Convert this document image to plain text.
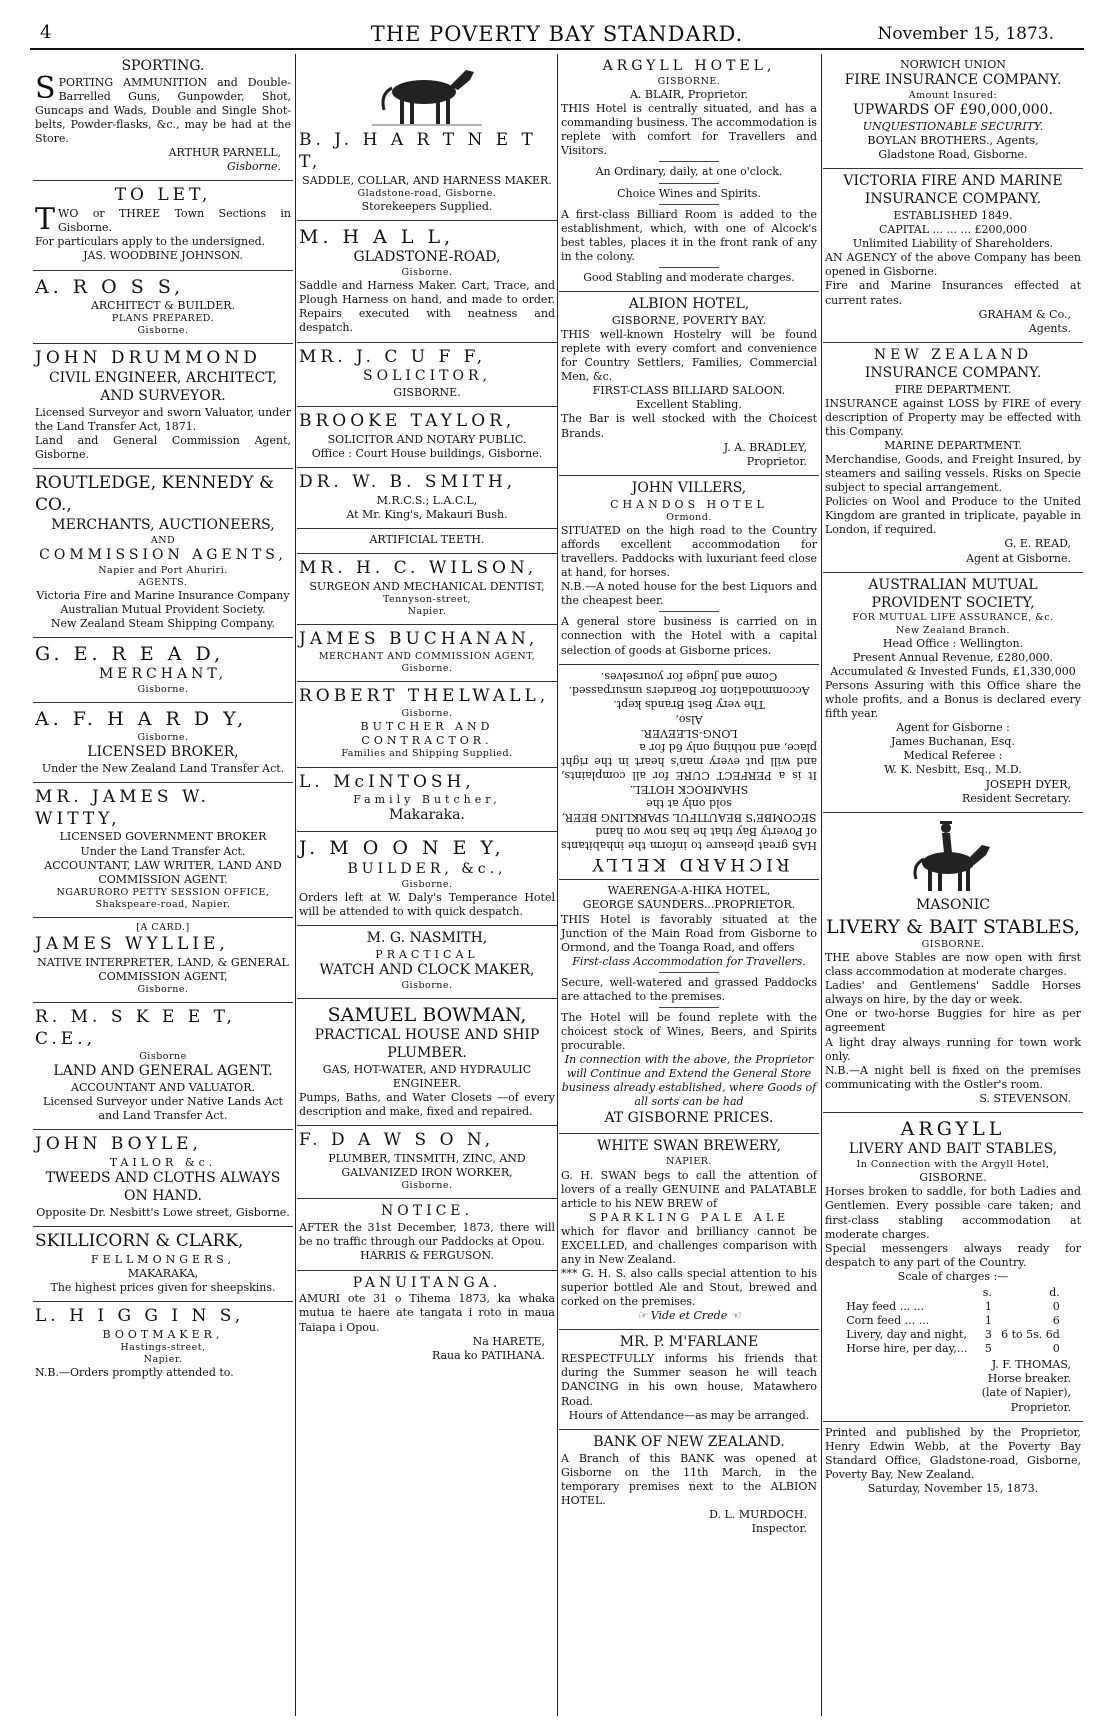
4	THE POVERTY BAY STANDARD.	November 15, 1873.
SPORTING.
SPORTING AMMUNITION and Double-Barrelled Guns, Gunpowder, Shot, Guncaps and Wads, Double and Single Shot-belts, Powder-flasks, &c., may be had at the Store.
ARTHUR PARNELL,
Gisborne.
TO LET,
TWO or THREE Town Sections in Gisborne.
For particulars apply to the undersigned.
JAS. WOODBINE JOHNSON.
A. R O S S,
ARCHITECT & BUILDER.
PLANS PREPARED.
Gisborne.
JOHN DRUMMOND
CIVIL ENGINEER, ARCHITECT, AND SURVEYOR.
Licensed Surveyor and sworn Valuator, under the Land Transfer Act, 1871.
Land and General Commission Agent, Gisborne.
ROUTLEDGE, KENNEDY & CO.,
MERCHANTS, AUCTIONEERS,
AND
COMMISSION AGENTS,
Napier and Port Ahuriri.
AGENTS.
Victoria Fire and Marine Insurance Company
Australian Mutual Provident Society.
New Zealand Steam Shipping Company.
G. E. R E A D,
MERCHANT,
Gisborne.
A. F. H A R D Y,
Gisborne.
LICENSED BROKER,
Under the New Zealand Land Transfer Act.
MR. JAMES W. WITTY,
LICENSED GOVERNMENT BROKER
Under the Land Transfer Act.
ACCOUNTANT, LAW WRITER, LAND AND COMMISSION AGENT.
NGARURORO PETTY SESSION OFFICE,
Shakspeare-road, Napier.
[A CARD.]
JAMES WYLLIE,
NATIVE INTERPRETER, LAND, & GENERAL COMMISSION AGENT,
Gisborne.
R. M. S K E E T, C.E.,
Gisborne
LAND AND GENERAL AGENT.
ACCOUNTANT AND VALUATOR.
Licensed Surveyor under Native Lands Act and Land Transfer Act.
JOHN BOYLE,
TAILOR &c.
TWEEDS AND CLOTHS ALWAYS ON HAND.
Opposite Dr. Nesbitt's Lowe street, Gisborne.
SKILLICORN & CLARK,
FELLMONGERS,
MAKARAKA,
The highest prices given for sheepskins.
L. H I G G I N S,
BOOTMAKER,
Hastings-street,
Napier.
N.B.—Orders promptly attended to.
B. J. H A R T N E T T,
SADDLE, COLLAR, AND HARNESS MAKER.
Gladstone-road, Gisborne.
Storekeepers Supplied.
M. H A L L,
GLADSTONE-ROAD,
Gisborne.
Saddle and Harness Maker. Cart, Trace, and Plough Harness on hand, and made to order. Repairs executed with neatness and despatch.
MR. J. C U F F,
SOLICITOR,
GISBORNE.
BROOKE TAYLOR,
SOLICITOR AND NOTARY PUBLIC.
Office : Court House buildings, Gisborne.
DR. W. B. SMITH,
M.R.C.S.; L.A.C.L,
At Mr. King's, Makauri Bush.
ARTIFICIAL TEETH.
MR. H. C. WILSON,
SURGEON AND MECHANICAL DENTIST,
Tennyson-street,
Napier.
JAMES BUCHANAN,
MERCHANT AND COMMISSION AGENT,
Gisborne.
ROBERT THELWALL,
Gisborne.
BUTCHER AND CONTRACTOR.
Families and Shipping Supplied.
L. McINTOSH,
Family Butcher,
Makaraka.
J. M O O N E Y,
BUILDER, &c.,
Gisborne.
Orders left at W. Daly's Temperance Hotel will be attended to with quick despatch.
M. G. NASMITH,
PRACTICAL
WATCH AND CLOCK MAKER,
Gisborne.
SAMUEL BOWMAN,
PRACTICAL HOUSE AND SHIP PLUMBER.
GAS, HOT-WATER, AND HYDRAULIC ENGINEER.
Pumps, Baths, and Water Closets —of every description and make, fixed and repaired.
F. D A W S O N,
PLUMBER, TINSMITH, ZINC, AND GALVANIZED IRON WORKER,
Gisborne.
NOTICE.
AFTER the 31st December, 1873, there will be no traffic through our Paddocks at Opou.
HARRIS & FERGUSON.
PANUITANGA.
AMURI ote 31 o Tihema 1873, ka whaka mutua te haere ate tangata i roto in maua Taiapa i Opou.
Na HARETE,
Raua ko PATIHANA.
ARGYLL HOTEL,
GISBORNE.
A. BLAIR, Proprietor.
THIS Hotel is centrally situated, and has a commanding business. The accommodation is replete with comfort for Travellers and Visitors.
An Ordinary, daily, at one o'clock.
Choice Wines and Spirits.
A first-class Billiard Room is added to the establishment, which, with one of Alcock's best tables, places it in the front rank of any in the colony.
Good Stabling and moderate charges.
ALBION HOTEL,
GISBORNE, POVERTY BAY.
THIS well-known Hostelry will be found replete with every comfort and convenience for Country Settlers, Families, Commercial Men, &c.
FIRST-CLASS BILLIARD SALOON.
Excellent Stabling.
The Bar is well stocked with the Choicest Brands.
J. A. BRADLEY,
Proprietor.
JOHN VILLERS,
CHANDOS HOTEL
Ormond.
SITUATED on the high road to the Country affords excellent accommodation for travellers. Paddocks with luxuriant feed close at hand, for horses.
N.B.—A noted house for the best Liquors and the cheapest beer.
A general store business is carried on in connection with the Hotel with a capital selection of goods at Gisborne prices.
RICHARD KELLY
HAS great pleasure to inform the inhabitants of Poverty Bay that he has now on hand
SECOMBE'S BEAUTIFUL SPARKLING BEER,
sold only at the
SHAMROCK HOTEL.
It is a PERFECT CURE for all complaints, and will put every man's heart in the right place, and nothing only 6d for a
LONG-SLEEVER.
Also,
The very Best Brands kept.
Accommodation for Boarders unsurpassed.
Come and judge for yourselves.
WAERENGA-A-HIKA HOTEL,
GEORGE SAUNDERS...PROPRIETOR.
THIS Hotel is favorably situated at the Junction of the Main Road from Gisborne to Ormond, and the Toanga Road, and offers
First-class Accommodation for Travellers.
Secure, well-watered and grassed Paddocks are attached to the premises.
The Hotel will be found replete with the choicest stock of Wines, Beers, and Spirits procurable.
In connection with the above, the Proprietor will Continue and Extend the General Store business already established, where Goods of all sorts can be had
AT GISBORNE PRICES.
WHITE SWAN BREWERY,
NAPIER.
G. H. SWAN begs to call the attention of lovers of a really GENUINE and PALATABLE article to his NEW BREW of
SPARKLING PALE ALE
which for flavor and brilliancy cannot be EXCELLED, and challenges comparison with any in New Zealand.
*** G. H. S. also calls special attention to his superior bottled Ale and Stout, brewed and corked on the premises.
☞ Vide et Crede ☜
MR. P. M'FARLANE
RESPECTFULLY informs his friends that during the Summer season he will teach DANCING in his own house, Matawhero Road.
Hours of Attendance—as may be arranged.
BANK OF NEW ZEALAND.
A Branch of this BANK was opened at Gisborne on the 11th March, in the temporary premises next to the ALBION HOTEL.
D. L. MURDOCH.
Inspector.
NORWICH UNION
FIRE INSURANCE COMPANY.
Amount Insured:
UPWARDS OF £90,000,000.
UNQUESTIONABLE SECURITY.
BOYLAN BROTHERS., Agents,
Gladstone Road, Gisborne.
VICTORIA FIRE AND MARINE INSURANCE COMPANY.
ESTABLISHED 1849.
CAPITAL ... ... ... £200,000
Unlimited Liability of Shareholders.
AN AGENCY of the above Company has been opened in Gisborne.
Fire and Marine Insurances effected at current rates.
GRAHAM & Co.,
Agents.
NEW ZEALAND
INSURANCE COMPANY.
FIRE DEPARTMENT.
INSURANCE against LOSS by FIRE of every description of Property may be effected with this Company.
MARINE DEPARTMENT.
Merchandise, Goods, and Freight Insured, by steamers and sailing vessels. Risks on Specie subject to special arrangement.
Policies on Wool and Produce to the United Kingdom are granted in triplicate, payable in London, if required.
G. E. READ,
Agent at Gisborne.
AUSTRALIAN MUTUAL PROVIDENT SOCIETY,
FOR MUTUAL LIFE ASSURANCE, &c.
New Zealand Branch.
Head Office : Wellington.
Present Annual Revenue, £280,000.
Accumulated & Invested Funds, £1,330,000
Persons Assuring with this Office share the whole profits, and a Bonus is declared every fifth year.
Agent for Gisborne :
James Buchanan, Esq.
Medical Referee :
W. K. Nesbitt, Esq., M.D.
JOSEPH DYER,
Resident Secretary.
MASONIC
LIVERY & BAIT STABLES,
GISBORNE.
THE above Stables are now open with first class accommodation at moderate charges.
Ladies' and Gentlemens' Saddle Horses always on hire, by the day or week.
One or two-horse Buggies for hire as per agreement
A light dray always running for town work only.
N.B.—A night bell is fixed on the premises communicating with the Ostler's room.
S. STEVENSON.
ARGYLL
LIVERY AND BAIT STABLES,
In Connection with the Argyll Hotel,
GISBORNE.
Horses broken to saddle, for both Ladies and Gentlemen. Every possible care taken; and first-class stabling accommodation at moderate charges.
Special messengers always ready for despatch to any part of the Country.
Scale of charges :—
	s.	d.
Hay feed ... ...	1	0
Corn feed ... ...	1	6
Livery, day and night,	3	6 to 5s. 6d
Horse hire, per day,...	5	0
J. F. THOMAS,
Horse breaker.
(late of Napier),
Proprietor.
Printed and published by the Proprietor, Henry Edwin Webb, at the Poverty Bay Standard Office, Gladstone-road, Gisborne, Poverty Bay, New Zealand.
Saturday, November 15, 1873.
